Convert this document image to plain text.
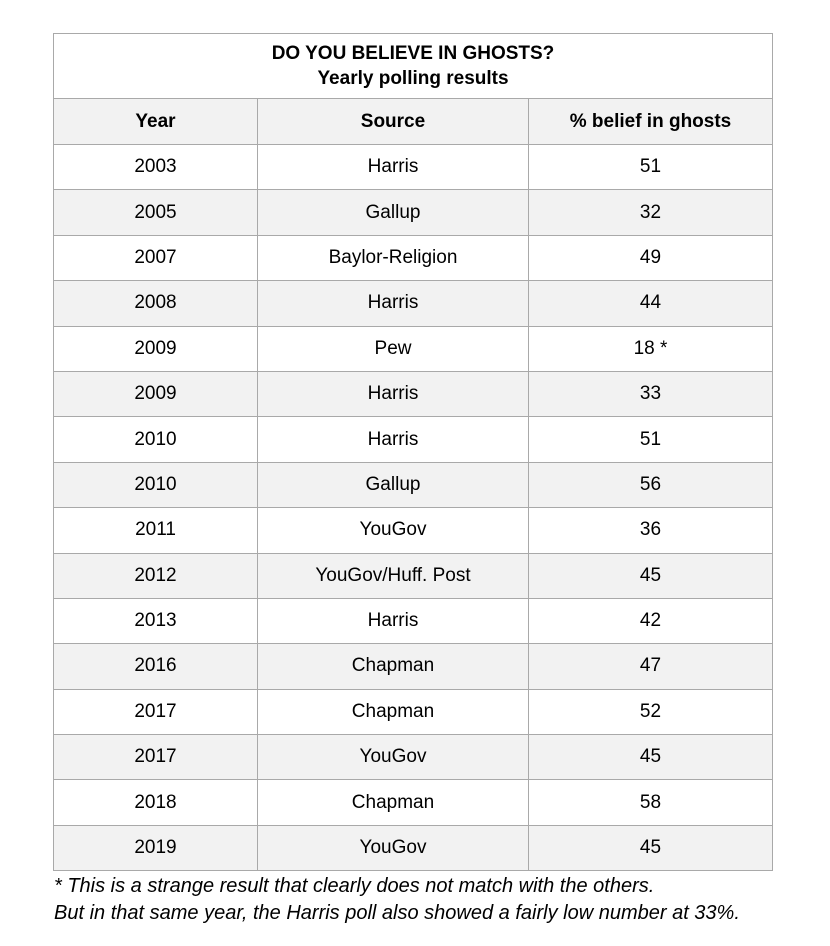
DO YOU BELIEVE IN GHOSTS?
Yearly polling results		

Year	Source	% belief in ghosts
2003	Harris	51
2005	Gallup	32
2007	Baylor-Religion	49
2008	Harris	44
2009	Pew	18 *
2009	Harris	33
2010	Harris	51
2010	Gallup	56
2011	YouGov	36
2012	YouGov/Huff. Post	45
2013	Harris	42
2016	Chapman	47
2017	Chapman	52
2017	YouGov	45
2018	Chapman	58
2019	YouGov	45
* This is a strange result that clearly does not match with the others.
But in that same year, the Harris poll also showed a fairly low number at 33%.
